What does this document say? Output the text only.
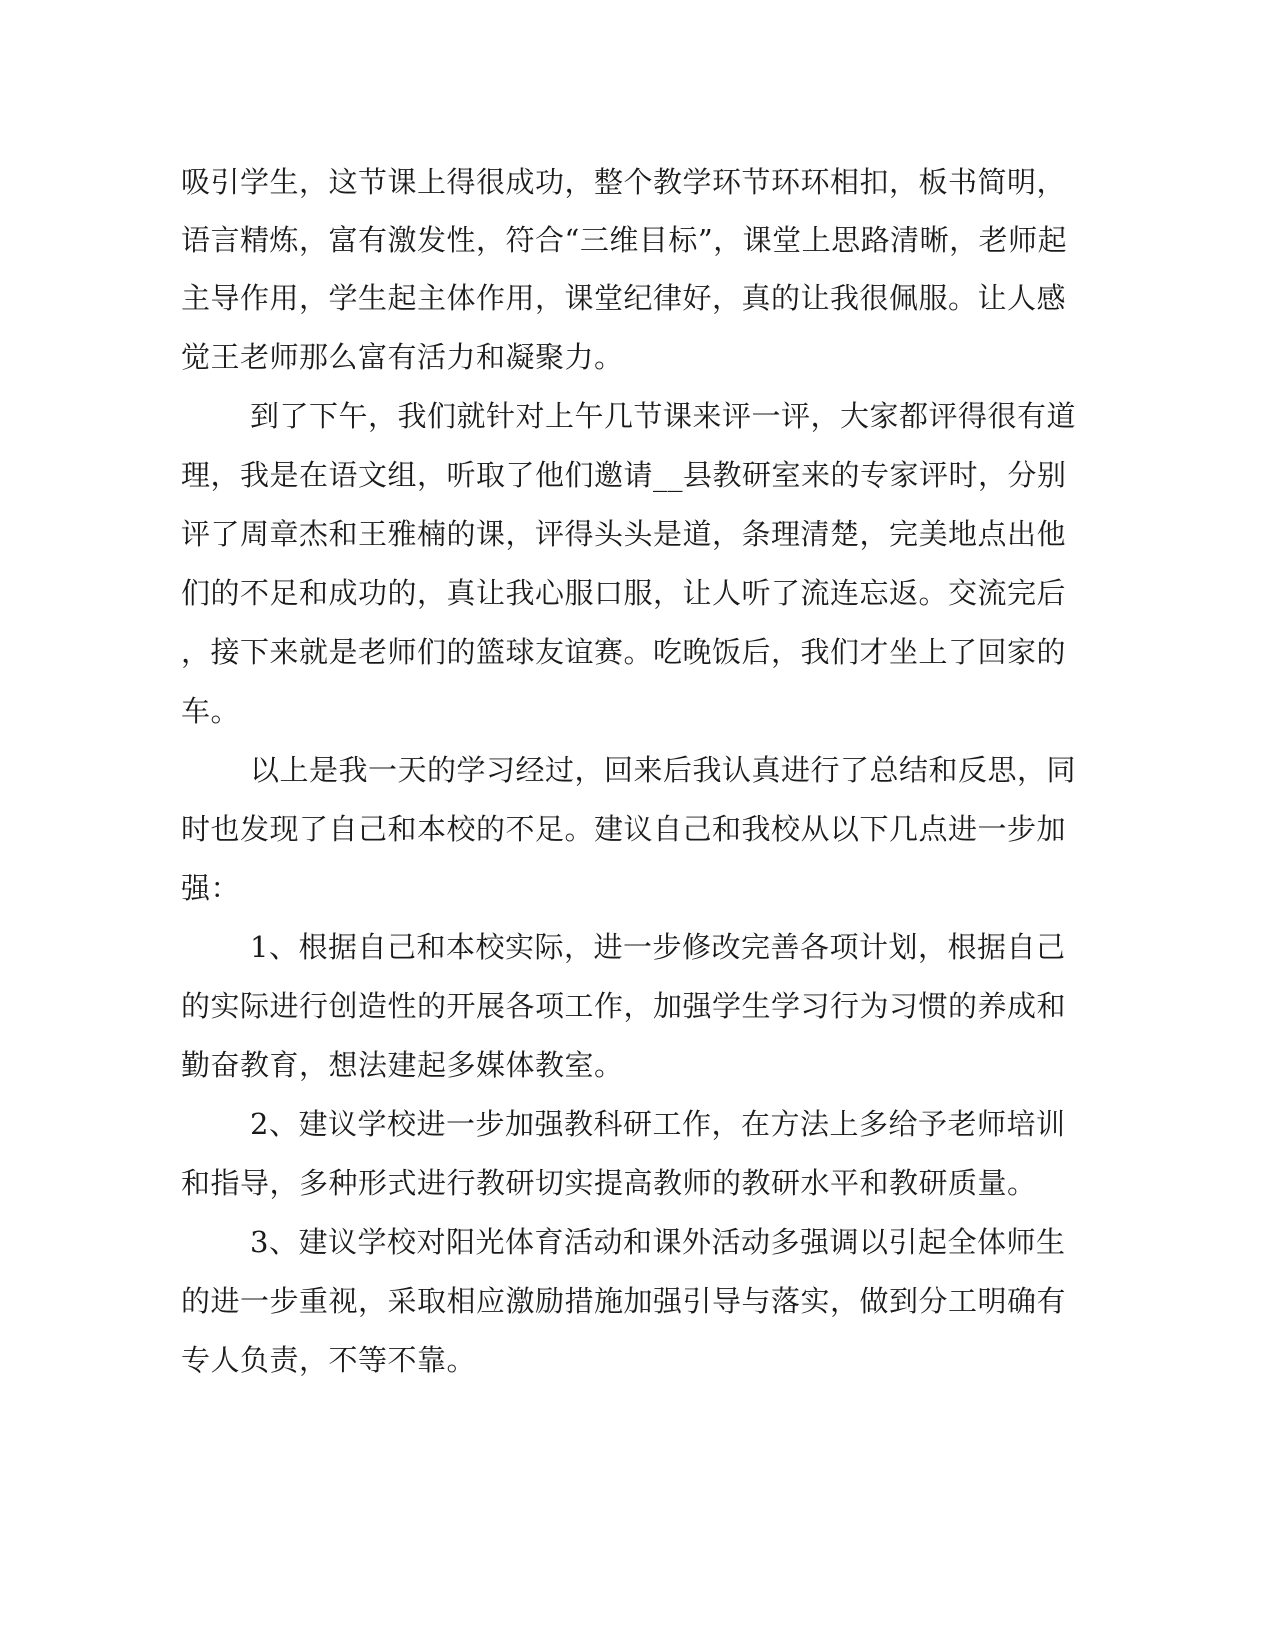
吸引学生，这节课上得很成功，整个教学环节环环相扣，板书简明，
语言精炼，富有激发性，符合“三维目标”，课堂上思路清晰，老师起
主导作用，学生起主体作用，课堂纪律好，真的让我很佩服。让人感
觉王老师那么富有活力和凝聚力。
到了下午，我们就针对上午几节课来评一评，大家都评得很有道
理，我是在语文组，听取了他们邀请__县教研室来的专家评时，分别
评了周章杰和王雅楠的课，评得头头是道，条理清楚，完美地点出他
们的不足和成功的，真让我心服口服，让人听了流连忘返。交流完后
，接下来就是老师们的篮球友谊赛。吃晚饭后，我们才坐上了回家的
车。
以上是我一天的学习经过，回来后我认真进行了总结和反思，同
时也发现了自己和本校的不足。建议自己和我校从以下几点进一步加
强：
1、根据自己和本校实际，进一步修改完善各项计划，根据自己
的实际进行创造性的开展各项工作，加强学生学习行为习惯的养成和
勤奋教育，想法建起多媒体教室。
2、建议学校进一步加强教科研工作，在方法上多给予老师培训
和指导，多种形式进行教研切实提高教师的教研水平和教研质量。
3、建议学校对阳光体育活动和课外活动多强调以引起全体师生
的进一步重视，采取相应激励措施加强引导与落实，做到分工明确有
专人负责，不等不靠。
